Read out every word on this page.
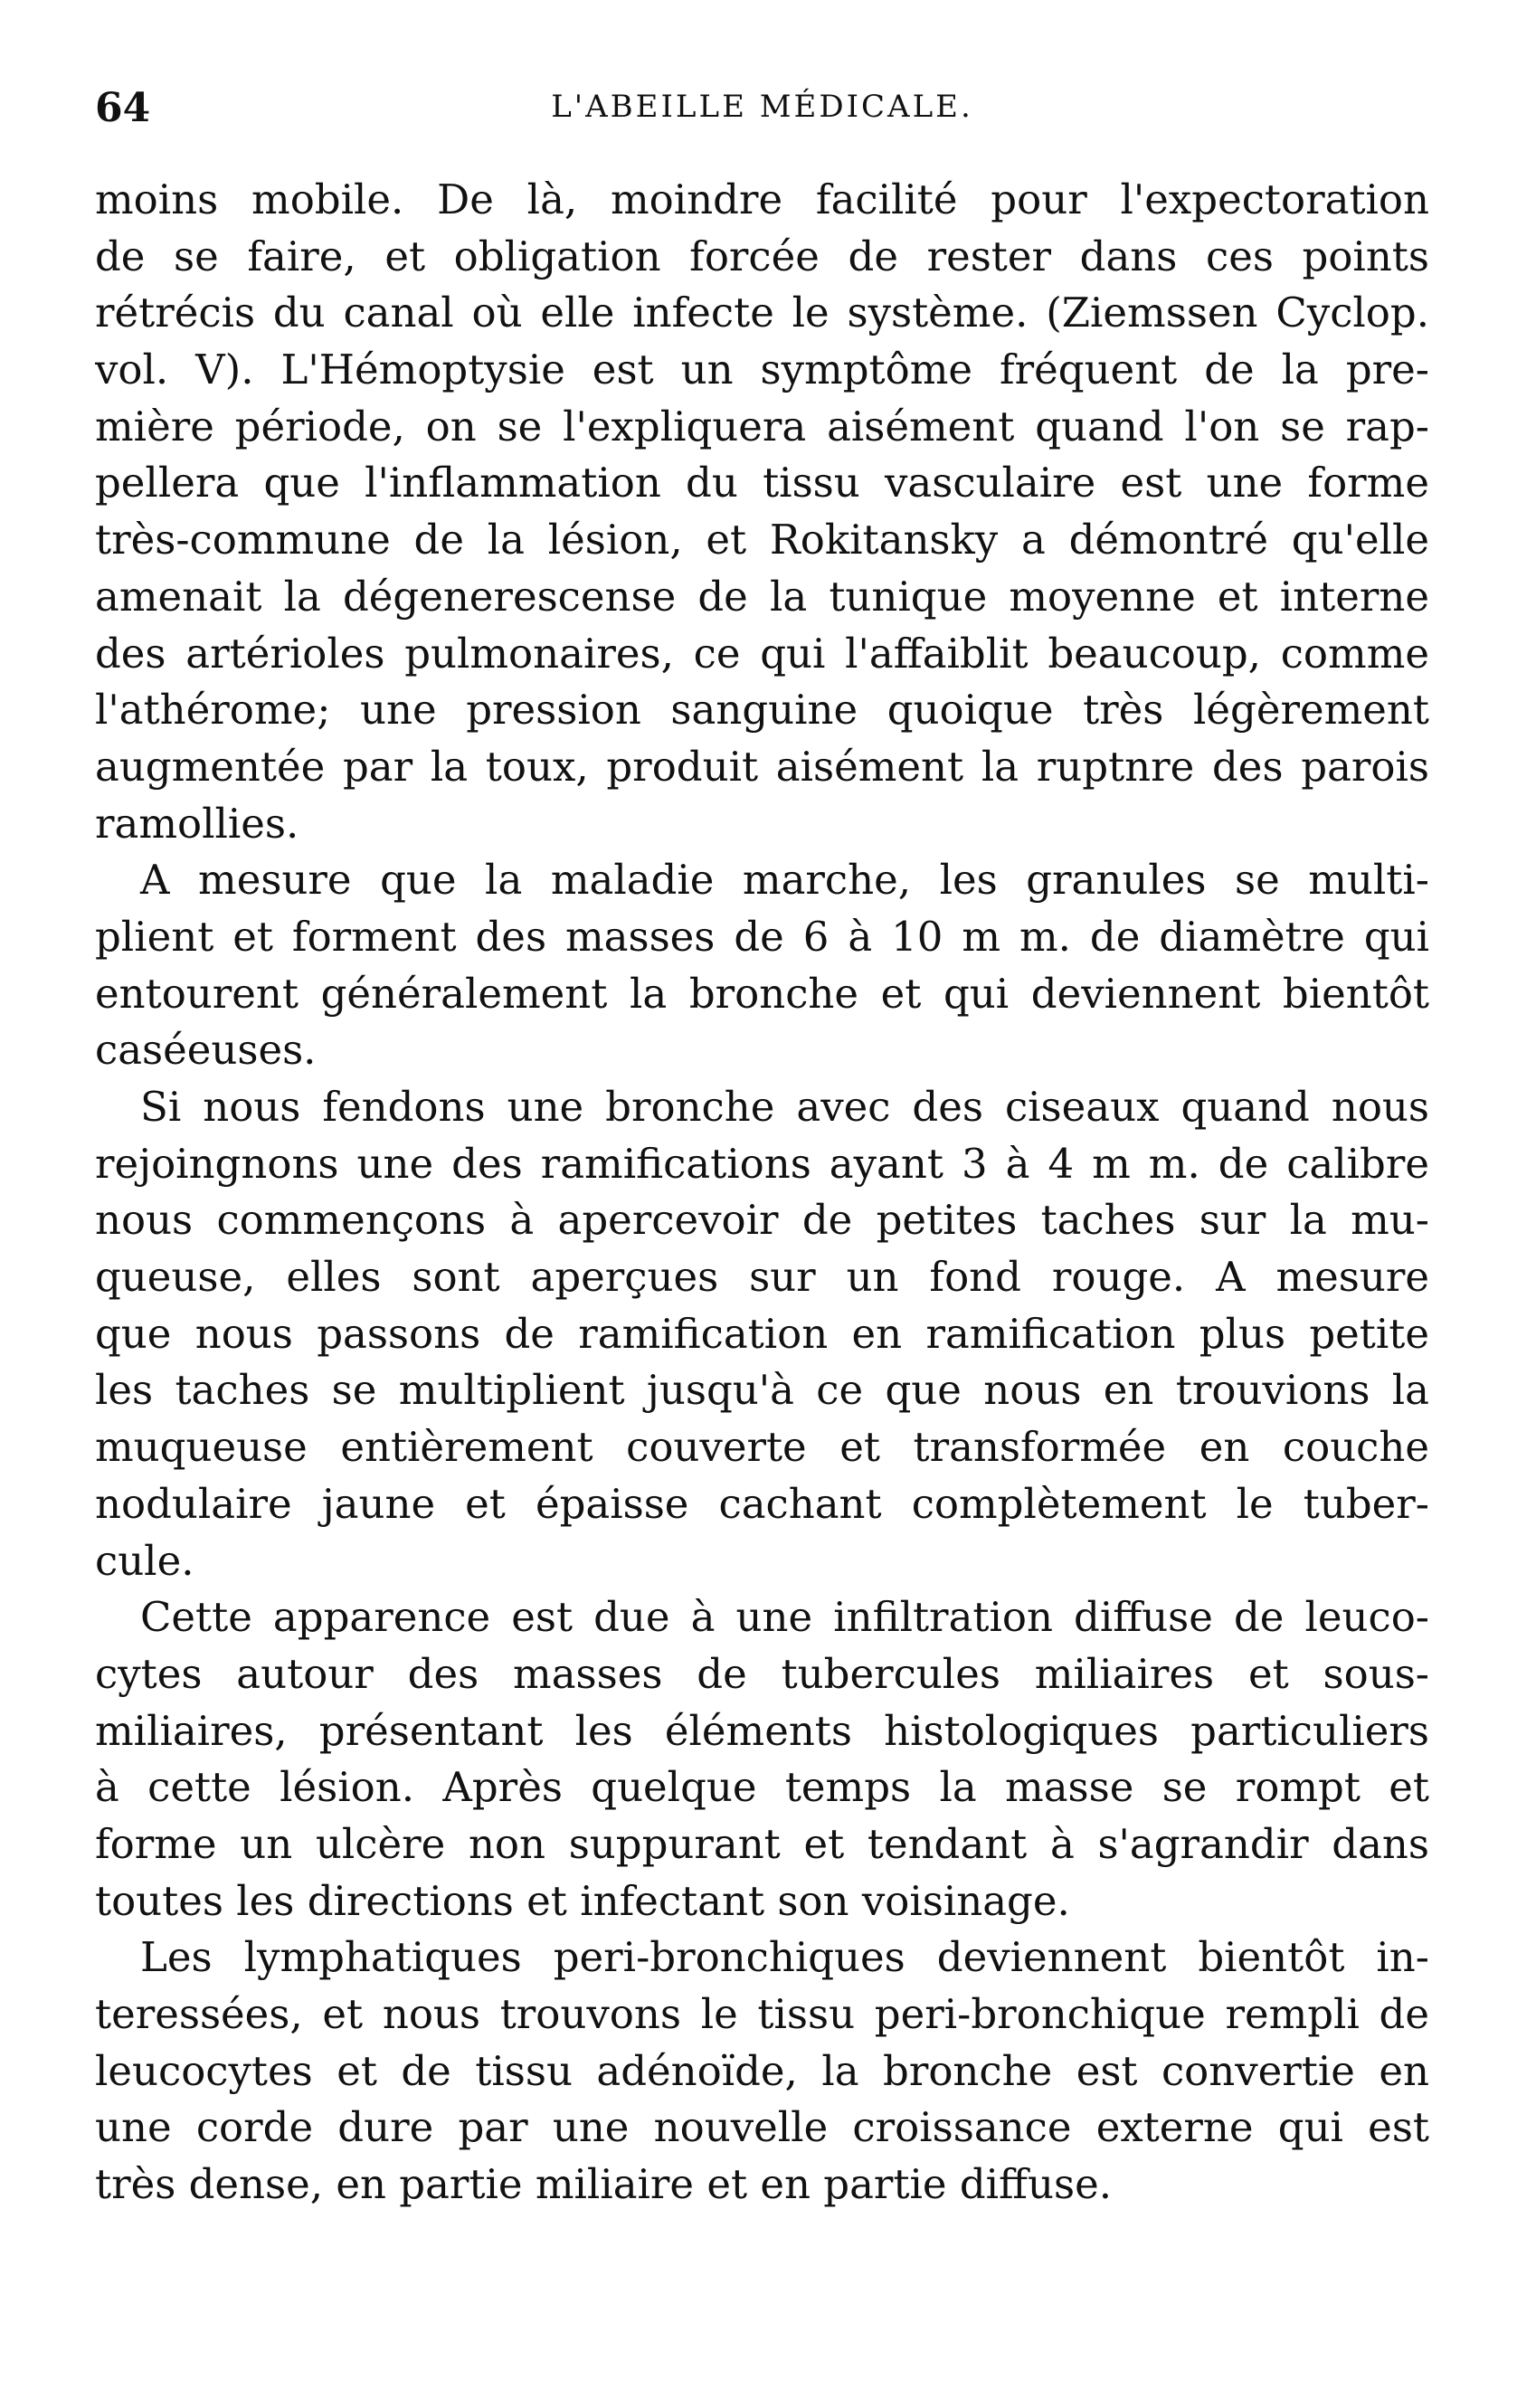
64	L'ABEILLE MÉDICALE.
moins mobile. De là, moindre facilité pour l'expectoration
de se faire, et obligation forcée de rester dans ces points
rétrécis du canal où elle infecte le système. (Ziemssen Cyclop.
vol. V). L'Hémoptysie est un symptôme fréquent de la pre-
mière période, on se l'expliquera aisément quand l'on se rap-
pellera que l'inflammation du tissu vasculaire est une forme
très-commune de la lésion, et Rokitansky a démontré qu'elle
amenait la dégenerescense de la tunique moyenne et interne
des artérioles pulmonaires, ce qui l'affaiblit beaucoup, comme
l'athérome; une pression sanguine quoique très légèrement
augmentée par la toux, produit aisément la ruptnre des parois
ramollies.
A mesure que la maladie marche, les granules se multi-
plient et forment des masses de 6 à 10 m m. de diamètre qui
entourent généralement la bronche et qui deviennent bientôt
caséeuses.
Si nous fendons une bronche avec des ciseaux quand nous
rejoingnons une des ramifications ayant 3 à 4 m m. de calibre
nous commençons à apercevoir de petites taches sur la mu-
queuse, elles sont aperçues sur un fond rouge. A mesure
que nous passons de ramification en ramification plus petite
les taches se multiplient jusqu'à ce que nous en trouvions la
muqueuse entièrement couverte et transformée en couche
nodulaire jaune et épaisse cachant complètement le tuber-
cule.
Cette apparence est due à une infiltration diffuse de leuco-
cytes autour des masses de tubercules miliaires et sous-
miliaires, présentant les éléments histologiques particuliers
à cette lésion. Après quelque temps la masse se rompt et
forme un ulcère non suppurant et tendant à s'agrandir dans
toutes les directions et infectant son voisinage.
Les lymphatiques peri-bronchiques deviennent bientôt in-
teressées, et nous trouvons le tissu peri-bronchique rempli de
leucocytes et de tissu adénoïde, la bronche est convertie en
une corde dure par une nouvelle croissance externe qui est
très dense, en partie miliaire et en partie diffuse.
